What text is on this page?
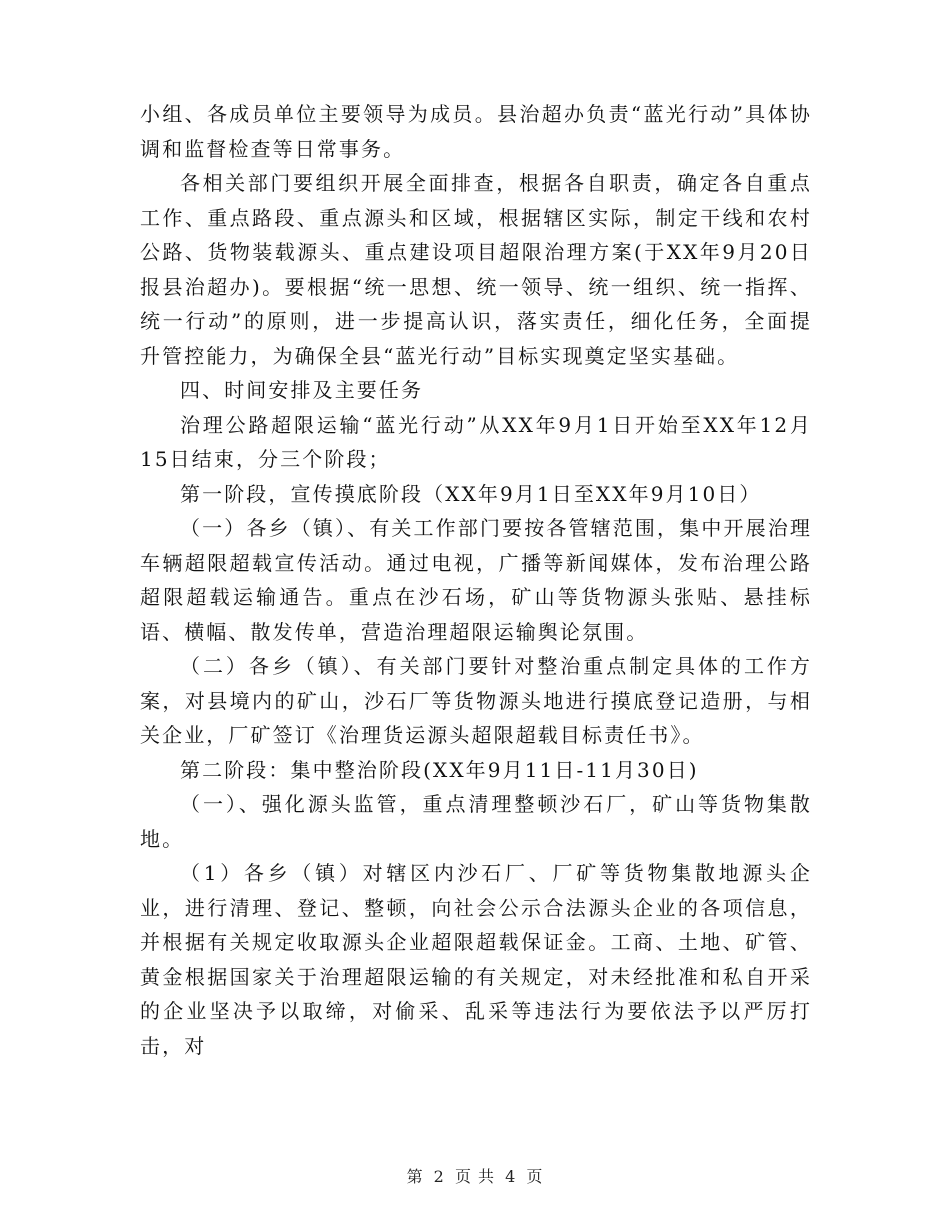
小组、各成员单位主要领导为成员。县治超办负责“蓝光行动”具体协调和监督检查等日常事务。

各相关部门要组织开展全面排查，根据各自职责，确定各自重点工作、重点路段、重点源头和区域，根据辖区实际，制定干线和农村公路、货物装载源头、重点建设项目超限治理方案(于XX年9月20日报县治超办)。要根据“统一思想、统一领导、统一组织、统一指挥、统一行动”的原则，进一步提高认识，落实责任，细化任务，全面提升管控能力，为确保全县“蓝光行动”目标实现奠定坚实基础。

四、时间安排及主要任务

治理公路超限运输“蓝光行动”从XX年9月1日开始至XX年12月15日结束，分三个阶段；

第一阶段，宣传摸底阶段（XX年9月1日至XX年9月10日）

（一）各乡（镇）、有关工作部门要按各管辖范围，集中开展治理车辆超限超载宣传活动。通过电视，广播等新闻媒体，发布治理公路超限超载运输通告。重点在沙石场，矿山等货物源头张贴、悬挂标语、横幅、散发传单，营造治理超限运输舆论氛围。

（二）各乡（镇）、有关部门要针对整治重点制定具体的工作方案，对县境内的矿山，沙石厂等货物源头地进行摸底登记造册，与相关企业，厂矿签订《治理货运源头超限超载目标责任书》。

第二阶段：集中整治阶段(XX年9月11日-11月30日)

（一）、强化源头监管，重点清理整顿沙石厂，矿山等货物集散地。

（1）各乡（镇）对辖区内沙石厂、厂矿等货物集散地源头企业，进行清理、登记、整顿，向社会公示合法源头企业的各项信息，并根据有关规定收取源头企业超限超载保证金。工商、土地、矿管、黄金根据国家关于治理超限运输的有关规定，对未经批准和私自开采的企业坚决予以取缔，对偷采、乱采等违法行为要依法予以严厉打击，对

第 2 页 共 4 页
